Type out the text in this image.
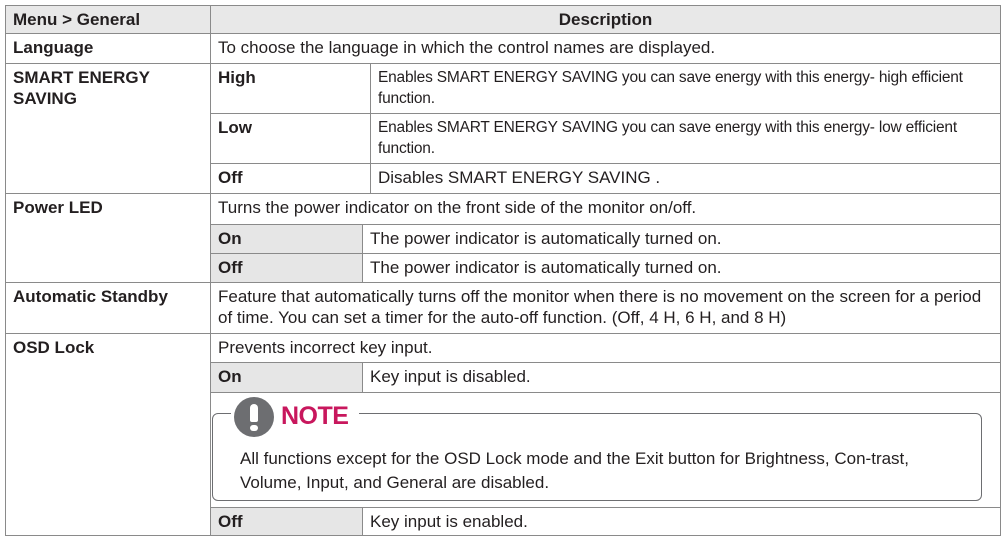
Menu > General	Description
Language	To choose the language in which the control names are displayed.
SMART ENERGY SAVING
High	Enables SMART ENERGY SAVING you can save energy with this energy- high efficient function.
Low	Enables SMART ENERGY SAVING you can save energy with this energy- low efficient function.
Off	Disables SMART ENERGY SAVING .
Power LED	Turns the power indicator on the front side of the monitor on/off.
On	The power indicator is automatically turned on.
Off	The power indicator is automatically turned on.
Automatic Standby	Feature that automatically turns off the monitor when there is no movement on the screen for a period of time. You can set a timer for the auto-off function. (Off, 4 H, 6 H, and 8 H)
OSD Lock	Prevents incorrect key input.
On	Key input is disabled.
Off	Key input is enabled.
NOTE
All functions except for the OSD Lock mode and the Exit button for Brightness, Con-trast, Volume, Input, and General are disabled.
